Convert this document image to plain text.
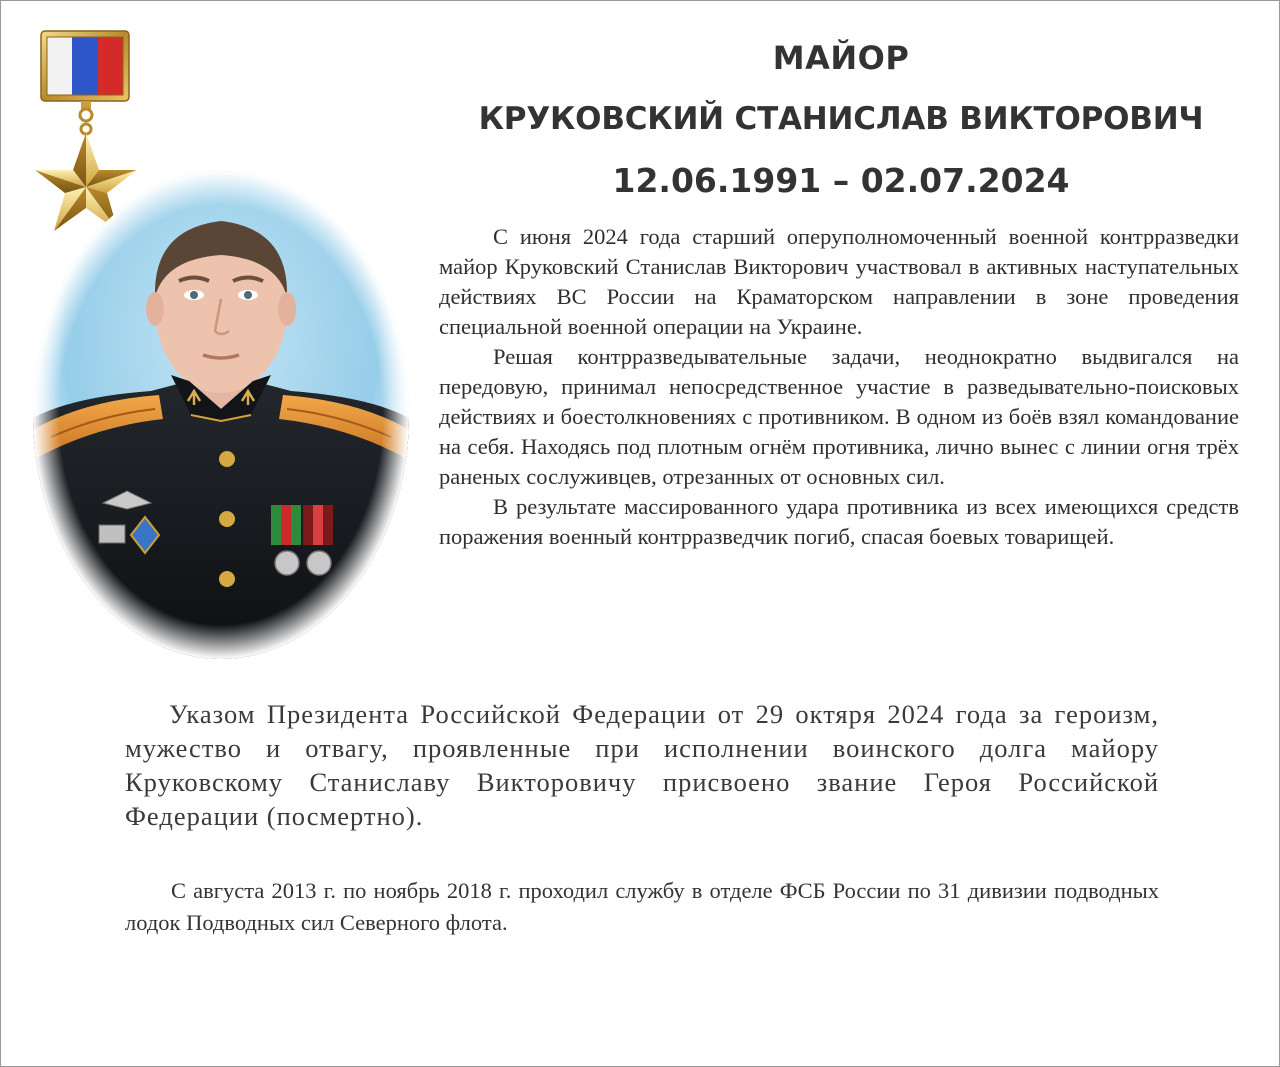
МАЙОР
КРУКОВСКИЙ СТАНИСЛАВ ВИКТОРОВИЧ
12.06.1991 – 02.07.2024

С июня 2024 года старший оперуполномоченный военной контрразведки майор Круковский Станислав Викторович участвовал в активных наступательных действиях ВС России на Краматорском направлении в зоне проведения специальной военной операции на Украине.

Решая контрразведывательные задачи, неоднократно выдвигался на передовую, принимал непосредственное участие в разведывательно-поисковых действиях и боестолкновениях с противником. В одном из боёв взял командование на себя. Находясь под плотным огнём противника, лично вынес с линии огня трёх раненых сослуживцев, отрезанных от основных сил.

В результате массированного удара противника из всех имеющихся средств поражения военный контрразведчик погиб, спасая боевых товарищей.

Указом Президента Российской Федерации от 29 октяря 2024 года за героизм, мужество и отвагу, проявленные при исполнении воинского долга майору Круковскому Станиславу Викторовичу присвоено звание Героя Российской Федерации (посмертно).

С августа 2013 г. по ноябрь 2018 г. проходил службу в отделе ФСБ России по 31 дивизии подводных лодок Подводных сил Северного флота.
